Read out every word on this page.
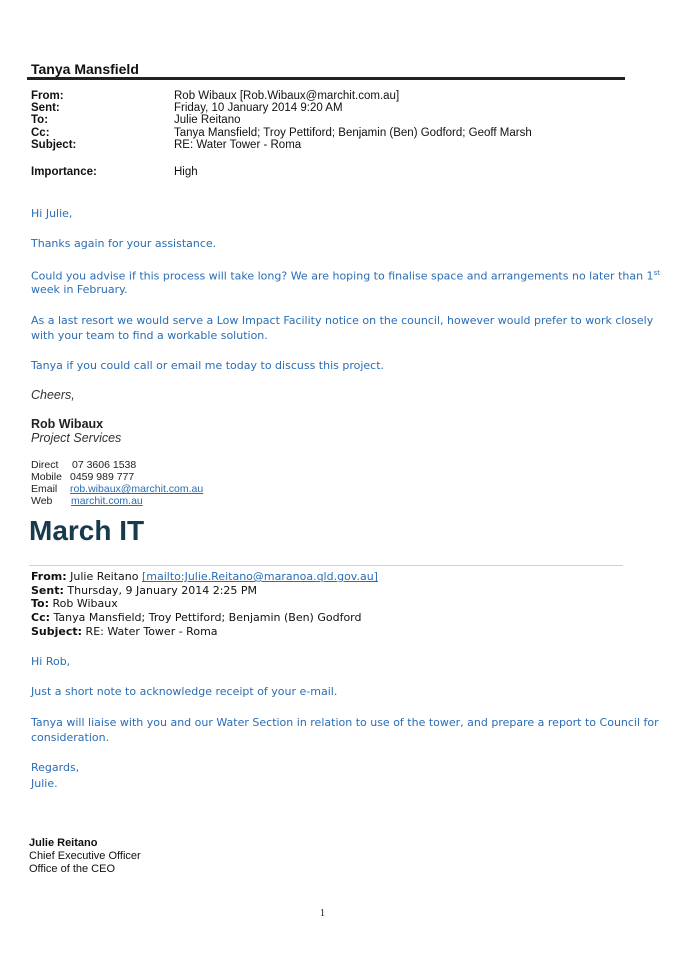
Tanya Mansfield
From:	Rob Wibaux [Rob.Wibaux@marchit.com.au]
Sent:	Friday, 10 January 2014 9:20 AM
To:	Julie Reitano
Cc:	Tanya Mansfield; Troy Pettiford; Benjamin (Ben) Godford; Geoff Marsh
Subject:	RE: Water Tower - Roma
Importance:	High
Hi Julie,
Thanks again for your assistance.
Could you advise if this process will take long? We are hoping to finalise space and arrangements no later than 1st
week in February.
As a last resort we would serve a Low Impact Facility notice on the council, however would prefer to work closely
with your team to find a workable solution.
Tanya if you could call or email me today to discuss this project.
Cheers,
Rob Wibaux
Project Services
Direct 07 3606 1538
Mobile 0459 989 777
Email rob.wibaux@marchit.com.au
Web marchit.com.au
March IT
From: Julie Reitano [mailto:Julie.Reitano@maranoa.qld.gov.au]
Sent: Thursday, 9 January 2014 2:25 PM
To: Rob Wibaux
Cc: Tanya Mansfield; Troy Pettiford; Benjamin (Ben) Godford
Subject: RE: Water Tower - Roma
Hi Rob,
Just a short note to acknowledge receipt of your e-mail.
Tanya will liaise with you and our Water Section in relation to use of the tower, and prepare a report to Council for
consideration.
Regards,
Julie.
Julie Reitano
Chief Executive Officer
Office of the CEO
1
